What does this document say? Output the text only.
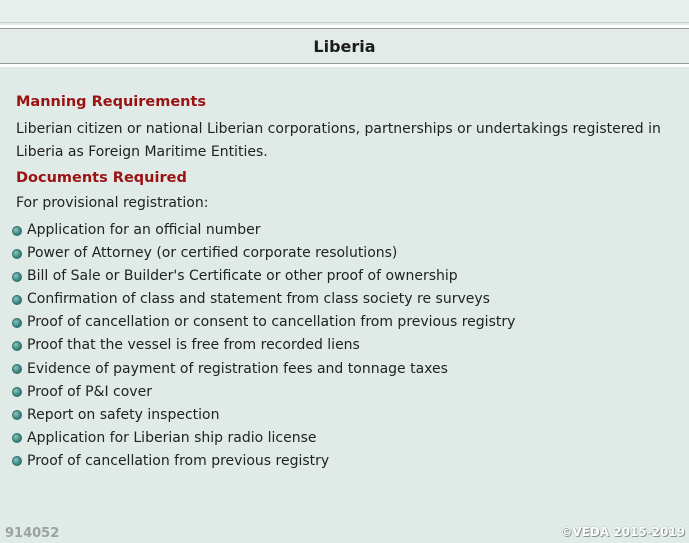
Liberia
Manning Requirements

Liberian citizen or national Liberian corporations, partnerships or undertakings registered in Liberia as Foreign Maritime Entities.

Documents Required

For provisional registration:

Application for an official number
Power of Attorney (or certified corporate resolutions)
Bill of Sale or Builder's Certificate or other proof of ownership
Confirmation of class and statement from class society re surveys
Proof of cancellation or consent to cancellation from previous registry
Proof that the vessel is free from recorded liens
Evidence of payment of registration fees and tonnage taxes
Proof of P&I cover
Report on safety inspection
Application for Liberian ship radio license
Proof of cancellation from previous registry
914052	©VEDA 2015-2019
